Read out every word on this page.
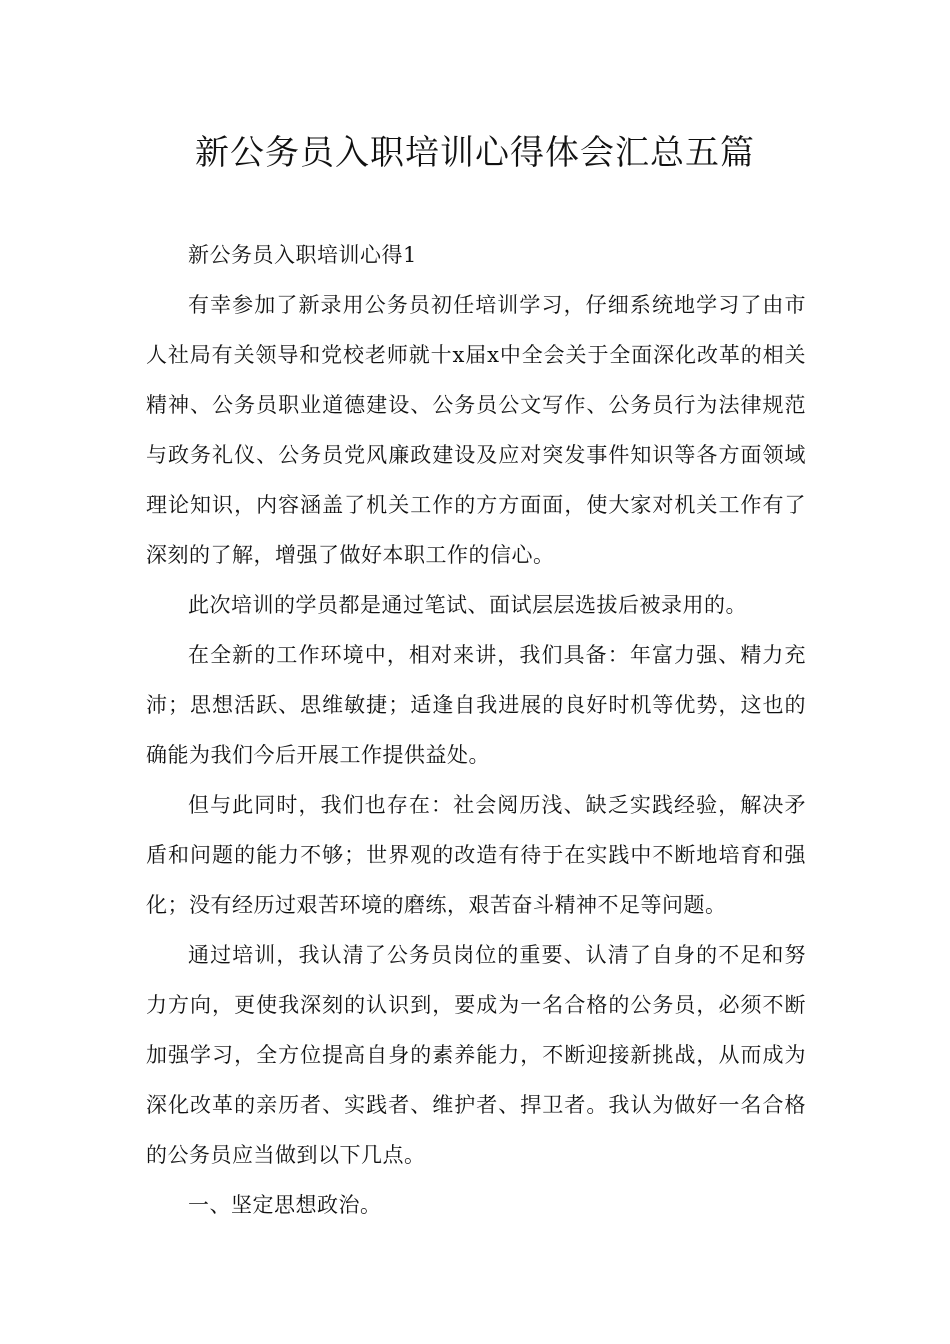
新公务员入职培训心得体会汇总五篇

新公务员入职培训心得1

有幸参加了新录用公务员初任培训学习，仔细系统地学习了由市人社局有关领导和党校老师就十x届x中全会关于全面深化改革的相关精神、公务员职业道德建设、公务员公文写作、公务员行为法律规范与政务礼仪、公务员党风廉政建设及应对突发事件知识等各方面领域理论知识，内容涵盖了机关工作的方方面面，使大家对机关工作有了深刻的了解，增强了做好本职工作的信心。

此次培训的学员都是通过笔试、面试层层选拔后被录用的。

在全新的工作环境中，相对来讲，我们具备：年富力强、精力充沛；思想活跃、思维敏捷；适逢自我进展的良好时机等优势，这也的确能为我们今后开展工作提供益处。

但与此同时，我们也存在：社会阅历浅、缺乏实践经验，解决矛盾和问题的能力不够；世界观的改造有待于在实践中不断地培育和强化；没有经历过艰苦环境的磨练，艰苦奋斗精神不足等问题。

通过培训，我认清了公务员岗位的重要、认清了自身的不足和努力方向，更使我深刻的认识到，要成为一名合格的公务员，必须不断加强学习，全方位提高自身的素养能力，不断迎接新挑战，从而成为深化改革的亲历者、实践者、维护者、捍卫者。我认为做好一名合格的公务员应当做到以下几点。

一、坚定思想政治。
